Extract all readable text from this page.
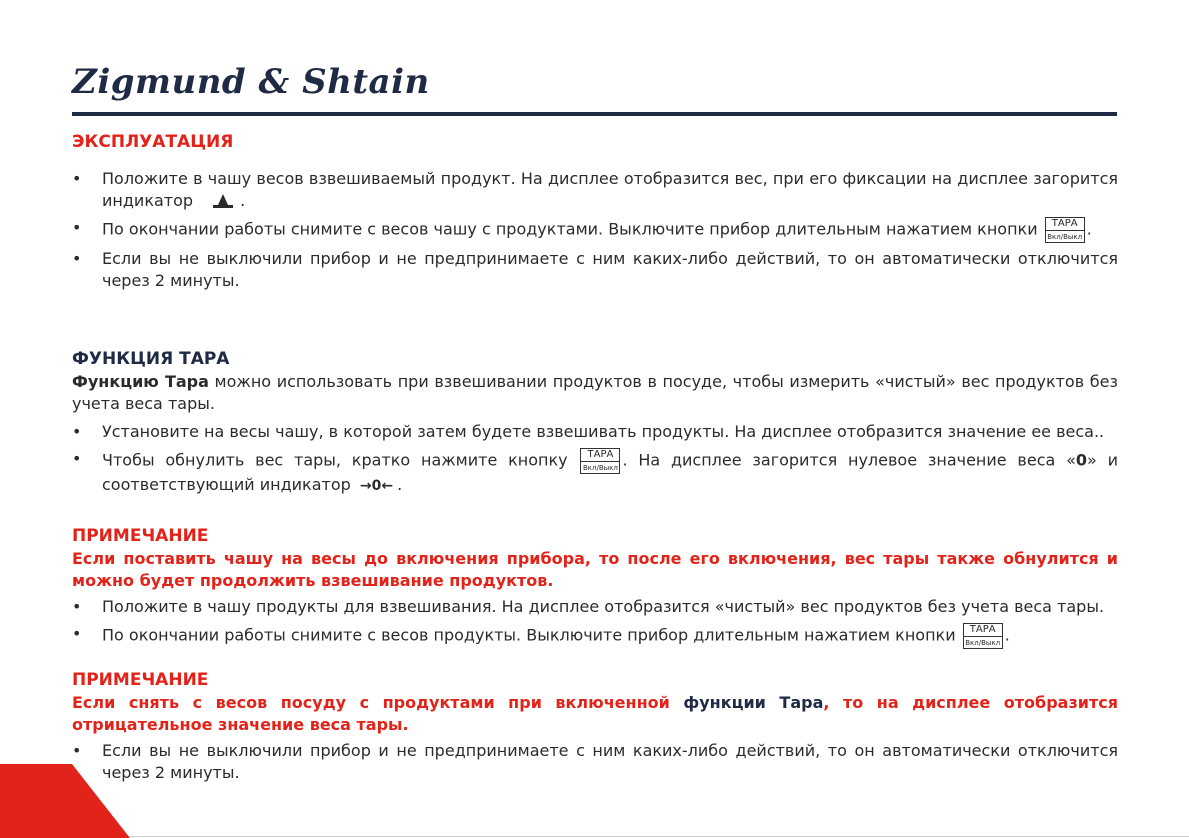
Zigmund & Shtain
ЭКСПЛУАТАЦИЯ
• Положите в чашу весов взвешиваемый продукт. На дисплее отобразится вес, при его фиксации на дисплее загорится индикатор	.
• По окончании работы снимите с весов чашу с продуктами. Выключите прибор длительным нажатием кнопки	ТАРА
Вкл/Выкл .
• Если вы не выключили прибор и не предпринимаете с ним каких-либо действий, то он автоматически отключится через 2 минуты.
ФУНКЦИЯ ТАРА

Функцию Тара можно использовать при взвешивании продуктов в посуде, чтобы измерить «чистый» вес продуктов без учета веса тары.

• Установите на весы чашу, в которой затем будете взвешивать продукты. На дисплее отобразится значение ее веса..
• Чтобы обнулить вес тары, кратко нажмите кнопку	ТАРА
Вкл/Выкл . На дисплее загорится нулевое значение веса «0» и соответствующий индикатор →0← .
ПРИМЕЧАНИЕ

Если поставить чашу на весы до включения прибора, то после его включения, вес тары также обнулится и можно будет продолжить взвешивание продуктов.

• Положите в чашу продукты для взвешивания. На дисплее отобразится «чистый» вес продуктов без учета веса тары.
• По окончании работы снимите с весов продукты. Выключите прибор длительным нажатием кнопки	ТАРА
Вкл/Выкл .
ПРИМЕЧАНИЕ

Если снять с весов посуду с продуктами при включенной функции Тара, то на дисплее отобразится отрицательное значение веса тары.

• Если вы не выключили прибор и не предпринимаете с ним каких-либо действий, то он автоматически отключится через 2 минуты.
